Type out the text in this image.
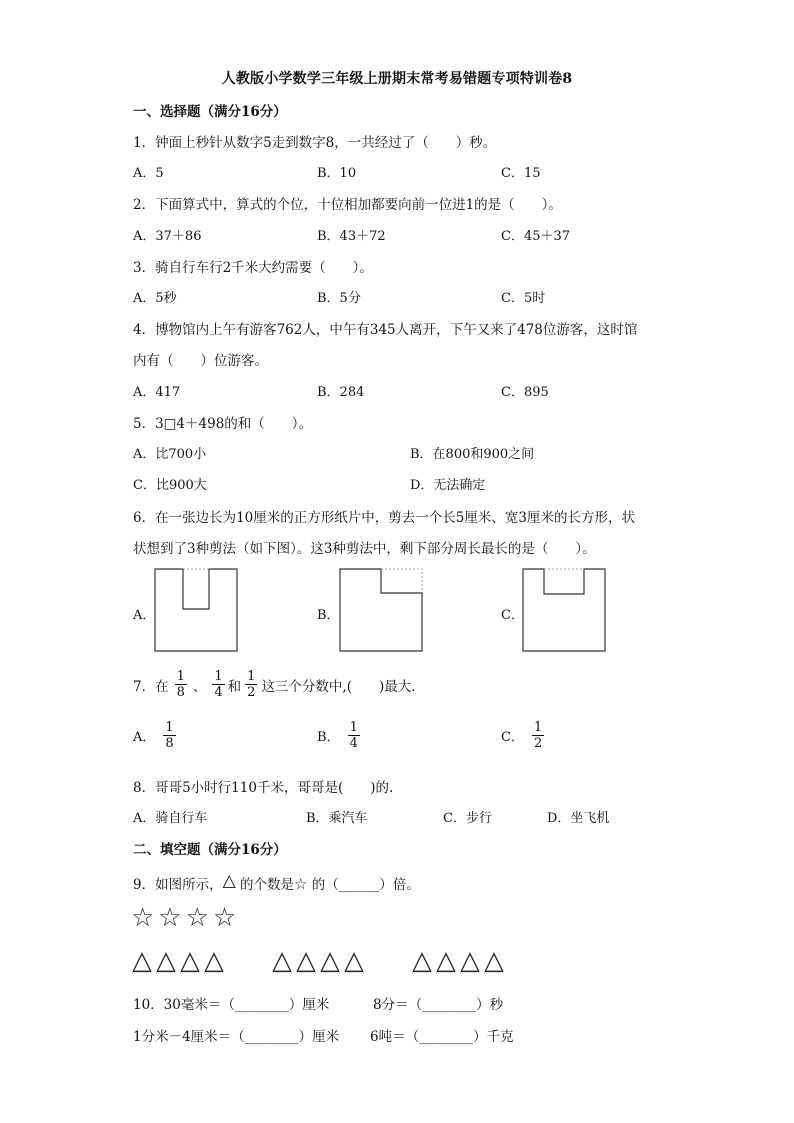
人教版小学数学三年级上册期末常考易错题专项特训卷8
一、选择题（满分16分）
1．钟面上秒针从数字5走到数字8，一共经过了（　　）秒。
A．5	B．10	C．15
2．下面算式中，算式的个位，十位相加都要向前一位进1的是（　　）。
A．37＋86	B．43＋72	C．45＋37
3．骑自行车行2千米大约需要（　　）。
A．5秒	B．5分	C．5时
4．博物馆内上午有游客762人，中午有345人离开，下午又来了478位游客，这时馆
内有（　　）位游客。
A．417	B．284	C．895
5．3□4＋498的和（　　）。
A．比700小	B．在800和900之间
C．比900大	D．无法确定
6．在一张边长为10厘米的正方形纸片中，剪去一个长5厘米、宽3厘米的长方形，状
状想到了3种剪法（如下图）。这3种剪法中，剩下部分周长最长的是（　　）。
A．	B．	C．
7．在 $\frac{1}{8}$ 、 $\frac{1}{4}$ 和 $\frac{1}{2}$ 这三个分数中,(　　)最大.
A． $\frac{1}{8}$	B． $\frac{1}{4}$	C． $\frac{1}{2}$
8．哥哥5小时行110千米，哥哥是(　　)的.
A．骑自行车	B．乘汽车	C．步行	D．坐飞机
二、填空题（满分16分）
9．如图所示，△ 的个数是☆ 的（______）倍。
☆☆☆☆
△△△△ △△△△ △△△△
10．30毫米＝（________）厘米	8分＝（________）秒
1分米－4厘米＝（________）厘米 6吨＝（________）千克
